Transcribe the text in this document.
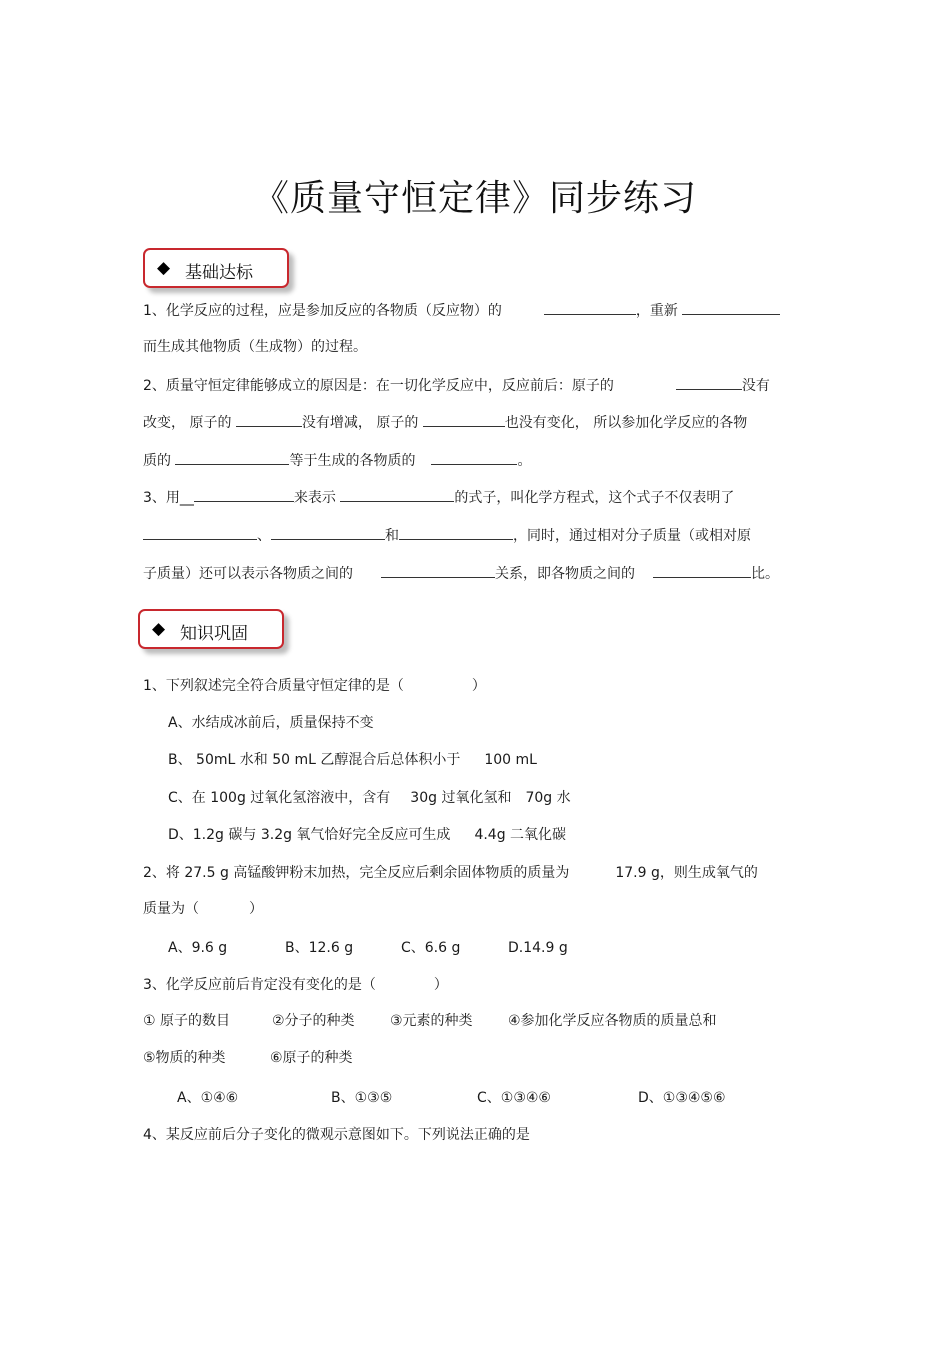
《质量守恒定律》同步练习
◆ 基础达标
1、化学反应的过程，应是参加反应的各物质（反应物）的	，重新
而生成其他物质（生成物）的过程。
2、质量守恒定律能够成立的原因是：在一切化学反应中，反应前后：原子的	没有
改变， 原子的	没有增减， 原子的	也没有变化， 所以参加化学反应的各物
质的	等于生成的各物质的	。
3、用__	来表示	的式子，叫化学方程式，这个式子不仅表明了
、	和	，同时，通过相对分子质量（或相对原
子质量）还可以表示各物质之间的	关系，即各物质之间的	比。
◆ 知识巩固
1、下列叙述完全符合质量守恒定律的是（	）
A、水结成冰前后，质量保持不变
B、 50mL 水和 50 mL 乙醇混合后总体积小于 100 mL
C、在 100g 过氧化氢溶液中，含有 30g 过氧化氢和 70g 水
D、1.2g 碳与 3.2g 氧气恰好完全反应可生成 4.4g 二氧化碳
2、将 27.5 g 高锰酸钾粉末加热，完全反应后剩余固体物质的质量为	17.9 g，则生成氧气的
质量为（	）
A、9.6 g	B、12.6 g	C、6.6 g	D.14.9 g
3、化学反应前后肯定没有变化的是（	）
① 原子的数目	②分子的种类	③元素的种类	④参加化学反应各物质的质量总和
⑤物质的种类	⑥原子的种类
A、①④⑥	B、①③⑤	C、①③④⑥	D、①③④⑤⑥
4、某反应前后分子变化的微观示意图如下。下列说法正确的是
